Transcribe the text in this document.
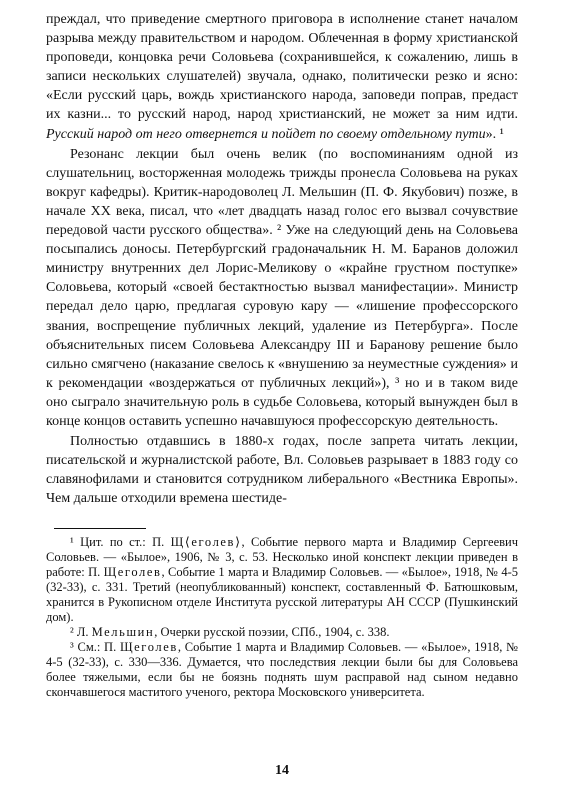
преждал, что приведение смертного приговора в исполнение станет началом разрыва между правительством и народом. Облеченная в форму христианской проповеди, концовка речи Соловьева (сохранившейся, к сожалению, лишь в записи нескольких слушателей) звучала, однако, политически резко и ясно: «Если русский царь, вождь христианского народа, заповеди поправ, предаст их казни... то русский народ, народ христианский, не может за ним идти. Русский народ от него отвернется и пойдет по своему отдельному пути». ¹

Резонанс лекции был очень велик (по воспоминаниям одной из слушательниц, восторженная молодежь трижды пронесла Соловьева на руках вокруг кафедры). Критик-народоволец Л. Мельшин (П. Ф. Якубович) позже, в начале XX века, писал, что «лет двадцать назад голос его вызвал сочувствие передовой части русского общества». ² Уже на следующий день на Соловьева посыпались доносы. Петербургский градоначальник Н. М. Баранов доложил министру внутренних дел Лорис-Меликову о «крайне грустном поступке» Соловьева, который «своей бестактностью вызвал манифестации». Министр передал дело царю, предлагая суровую кару — «лишение профессорского звания, воспрещение публичных лекций, удаление из Петербурга». После объяснительных писем Соловьева Александру III и Баранову решение было сильно смягчено (наказание свелось к «внушению за неуместные суждения» и к рекомендации «воздержаться от публичных лекций»), ³ но и в таком виде оно сыграло значительную роль в судьбе Соловьева, который вынужден был в конце концов оставить успешно начавшуюся профессорскую деятельность.

Полностью отдавшись в 1880-х годах, после запрета читать лекции, писательской и журналистской работе, Вл. Соловьев разрывает в 1883 году со славянофилами и становится сотрудником либерального «Вестника Европы». Чем дальше отходили времена шестиде-

¹ Цит. по ст.: П. Щ⟨еголев⟩, Событие первого марта и Владимир Сергеевич Соловьев. — «Былое», 1906, № 3, с. 53. Несколько иной конспект лекции приведен в работе: П. Щеголев, Событие 1 марта и Владимир Соловьев. — «Былое», 1918, № 4-5 (32-33), с. 331. Третий (неопубликованный) конспект, составленный Ф. Батюшковым, хранится в Рукописном отделе Института русской литературы АН СССР (Пушкинский дом).

² Л. Мельшин, Очерки русской поэзии, СПб., 1904, с. 338.

³ См.: П. Щеголев, Событие 1 марта и Владимир Соловьев. — «Былое», 1918, № 4-5 (32-33), с. 330—336. Думается, что последствия лекции были бы для Соловьева более тяжелыми, если бы не боязнь поднять шум расправой над сыном недавно скончавшегося маститого ученого, ректора Московского университета.

14
